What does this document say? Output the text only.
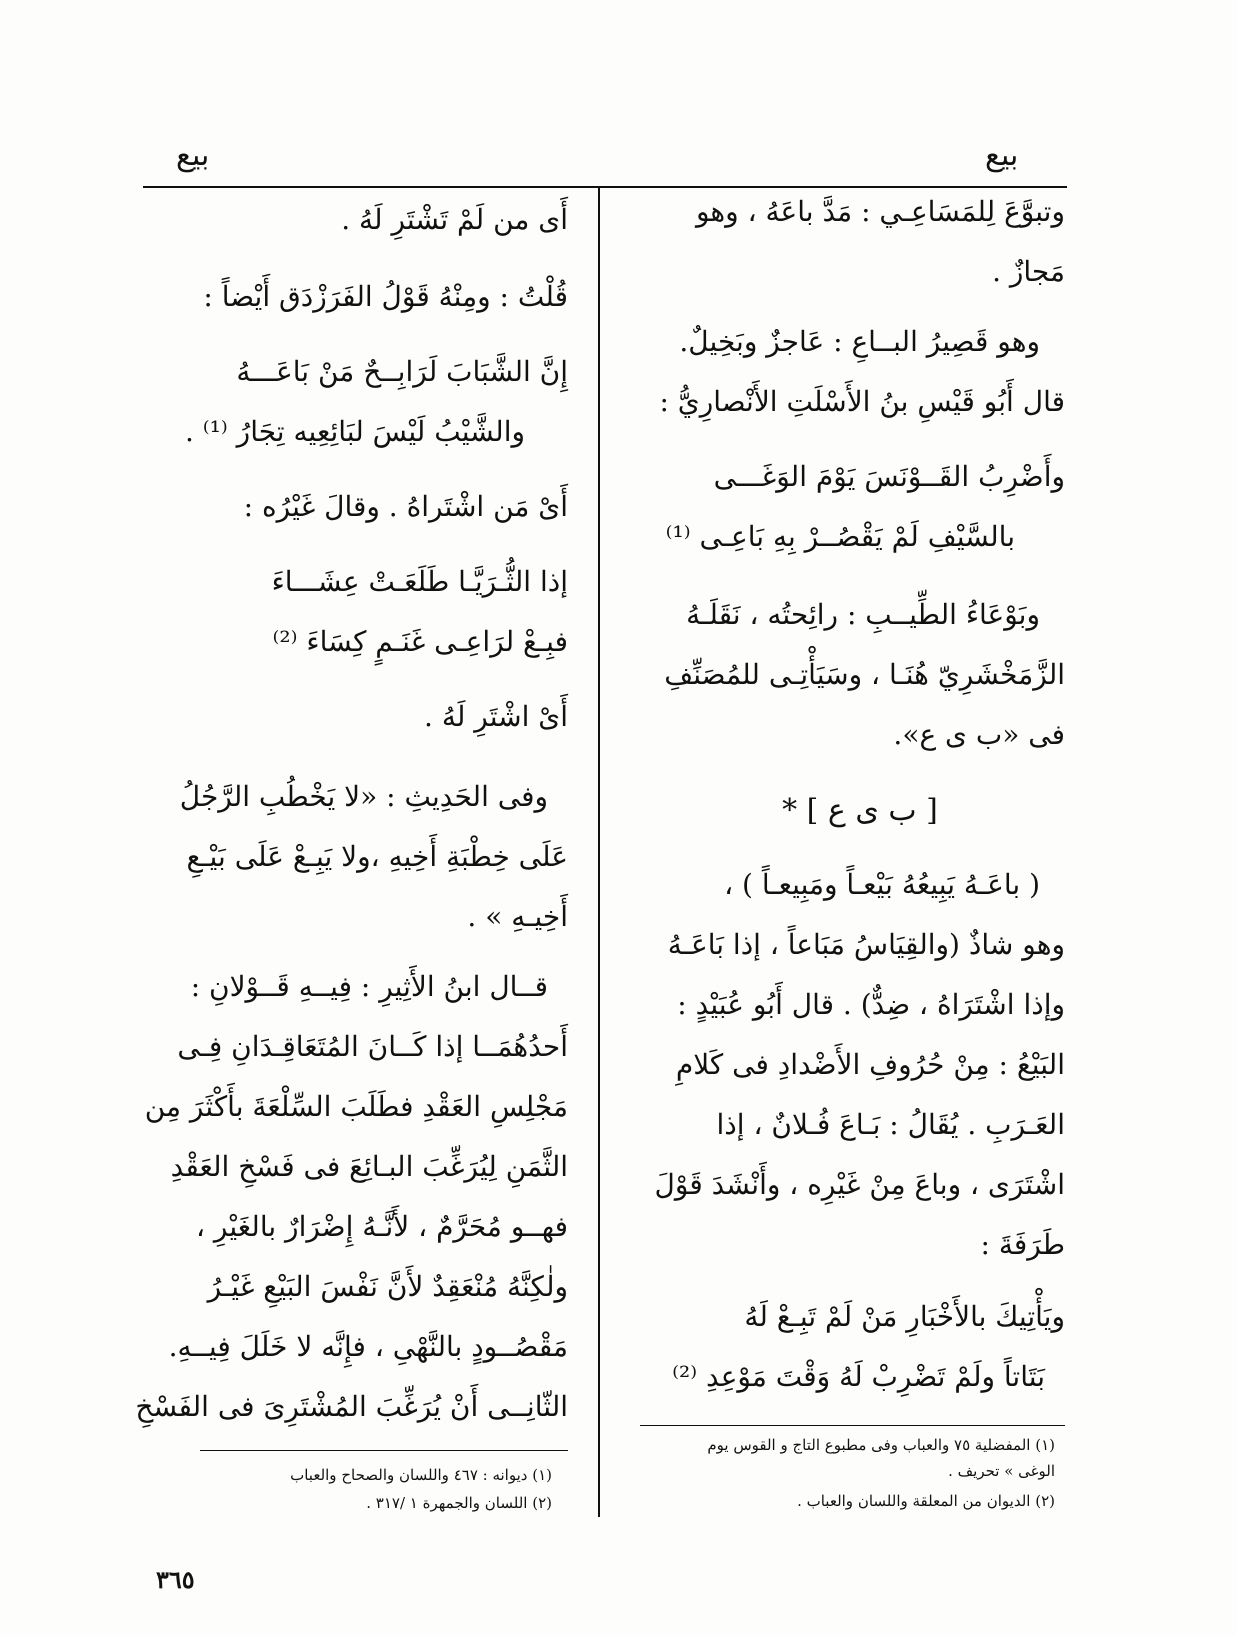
بيع
بيع
وتبوَّعَ لِلمَسَاعِـي : مَدَّ باعَهُ ، وهو
مَجازٌ .
وهو قَصِيرُ البــاعِ : عَاجزٌ وبَخِيلٌ.
قال أَبُو قَيْسِ بنُ الأَسْلَتِ الأَنْصارِيُّ :
وأَضْرِبُ القَــوْنَسَ يَوْمَ الوَغَـــى
بالسَّيْفِ لَمْ يَقْصُــرْ بِهِ بَاعِـى ⁽¹⁾
وبَوْعَاءُ الطِّيــبِ : رائِحتُه ، نَقَلَـهُ
الزَّمَخْشَرِيّ هُنَـا ، وسَيَأْتِـى للمُصَنِّفِ
فى «ب ى ع».
[ ب ى ع ] *
( باعَـهُ يَبِيعُهُ بَيْعـاً ومَبِيعـاً ) ،
وهو شاذٌ (والقِيَاسُ مَبَاعاً ، إذا بَاعَـهُ
وإذا اشْتَرَاهُ ، ضِدٌّ) . قال أَبُو عُبَيْدٍ :
البَيْعُ : مِنْ حُرُوفِ الأَضْدادِ فى كَلامِ
العَـرَبِ . يُقَالُ : بَـاعَ فُـلانٌ ، إذا
اشْتَرَى ، وباعَ مِنْ غَيْرِه ، وأَنْشَدَ قَوْلَ
طَرَفَةَ :
ويَأْتِيكَ بالأَخْبَارِ مَنْ لَمْ تَبِـعْ لَهُ
بَتَاتاً ولَمْ تَضْرِبْ لَهُ وَقْتَ مَوْعِدِ ⁽²⁾
(١) المفضلية ٧٥ والعباب وفى مطبوع التاج و القوس يوم
الوغى » تحريف .
(٢) الديوان من المعلقة واللسان والعباب .
أَى من لَمْ تَشْتَرِ لَهُ .
قُلْتُ : ومِنْهُ قَوْلُ الفَرَزْدَق أَيْضاً :
إِنَّ الشَّبَابَ لَرَابِــحٌ مَنْ بَاعَـــهُ
والشَّيْبُ لَيْسَ لبَائِعِيه تِجَارُ ⁽¹⁾ .
أَىْ مَن اشْتَراهُ . وقالَ غَيْرُه :
إذا الثُّـرَيَّـا طَلَعَـتْ عِشَـــاءَ
فبِـعْ لرَاعِـى غَنَـمٍ كِسَاءَ ⁽²⁾
أَىْ اشْتَرِ لَهُ .
وفى الحَدِيثِ : «لا يَخْطُبِ الرَّجُلُ
عَلَى خِطْبَةِ أَخِيهِ ،ولا يَبِـعْ عَلَى بَيْـعِ
أَخِيـهِ » .
قــال ابنُ الأَثِيرِ : فِيــهِ قَــوْلانِ :
أَحدُهُمَــا إذا كَــانَ المُتَعَاقِـدَانِ فِـى
مَجْلِسِ العَقْدِ فطَلَبَ السِّلْعَةَ بأَكْثَرَ مِن
الثَّمَنِ لِيُرَغِّبَ البـائِعَ فى فَسْخِ العَقْدِ
فهــو مُحَرَّمٌ ، لأَنَّـهُ إِضْرَارٌ بالغَيْرِ ،
ولٰكِنَّهُ مُنْعَقِدٌ لأَنَّ نَفْسَ البَيْعِ غَيْـرُ
مَقْصُــودٍ بالنَّهْىِ ، فإِنَّه لا خَلَلَ فِيــهِ.
الثّانِــى أَنْ يُرَغِّبَ المُشْتَرِىَ فى الفَسْخِ
(١) ديوانه : ٤٦٧ واللسان والصحاح والعباب
(٢) اللسان والجمهرة ١ /٣١٧ .
٣٦٥
